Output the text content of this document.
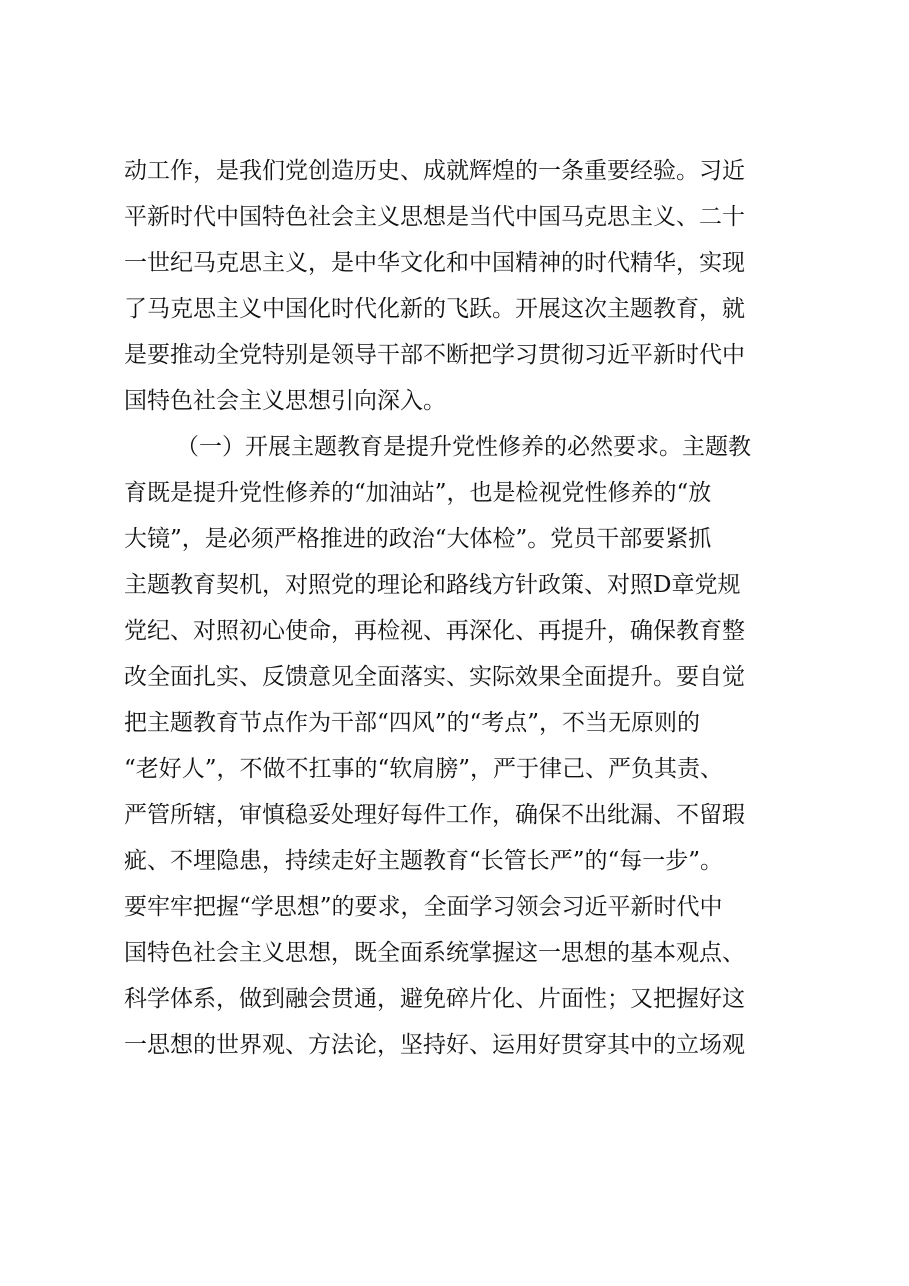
动工作，是我们党创造历史、成就辉煌的一条重要经验。习近
平新时代中国特色社会主义思想是当代中国马克思主义、二十
一世纪马克思主义，是中华文化和中国精神的时代精华，实现
了马克思主义中国化时代化新的飞跃。开展这次主题教育，就
是要推动全党特别是领导干部不断把学习贯彻习近平新时代中
国特色社会主义思想引向深入。
（一）开展主题教育是提升党性修养的必然要求。主题教
育既是提升党性修养的“加油站”，也是检视党性修养的“放
大镜”，是必须严格推进的政治“大体检”。党员干部要紧抓
主题教育契机，对照党的理论和路线方针政策、对照D章党规
党纪、对照初心使命，再检视、再深化、再提升，确保教育整
改全面扎实、反馈意见全面落实、实际效果全面提升。要自觉
把主题教育节点作为干部“四风”的“考点”，不当无原则的
“老好人”，不做不扛事的“软肩膀”，严于律己、严负其责、
严管所辖，审慎稳妥处理好每件工作，确保不出纰漏、不留瑕
疵、不埋隐患，持续走好主题教育“长管长严”的“每一步”。
要牢牢把握“学思想”的要求，全面学习领会习近平新时代中
国特色社会主义思想，既全面系统掌握这一思想的基本观点、
科学体系，做到融会贯通，避免碎片化、片面性；又把握好这
一思想的世界观、方法论，坚持好、运用好贯穿其中的立场观
